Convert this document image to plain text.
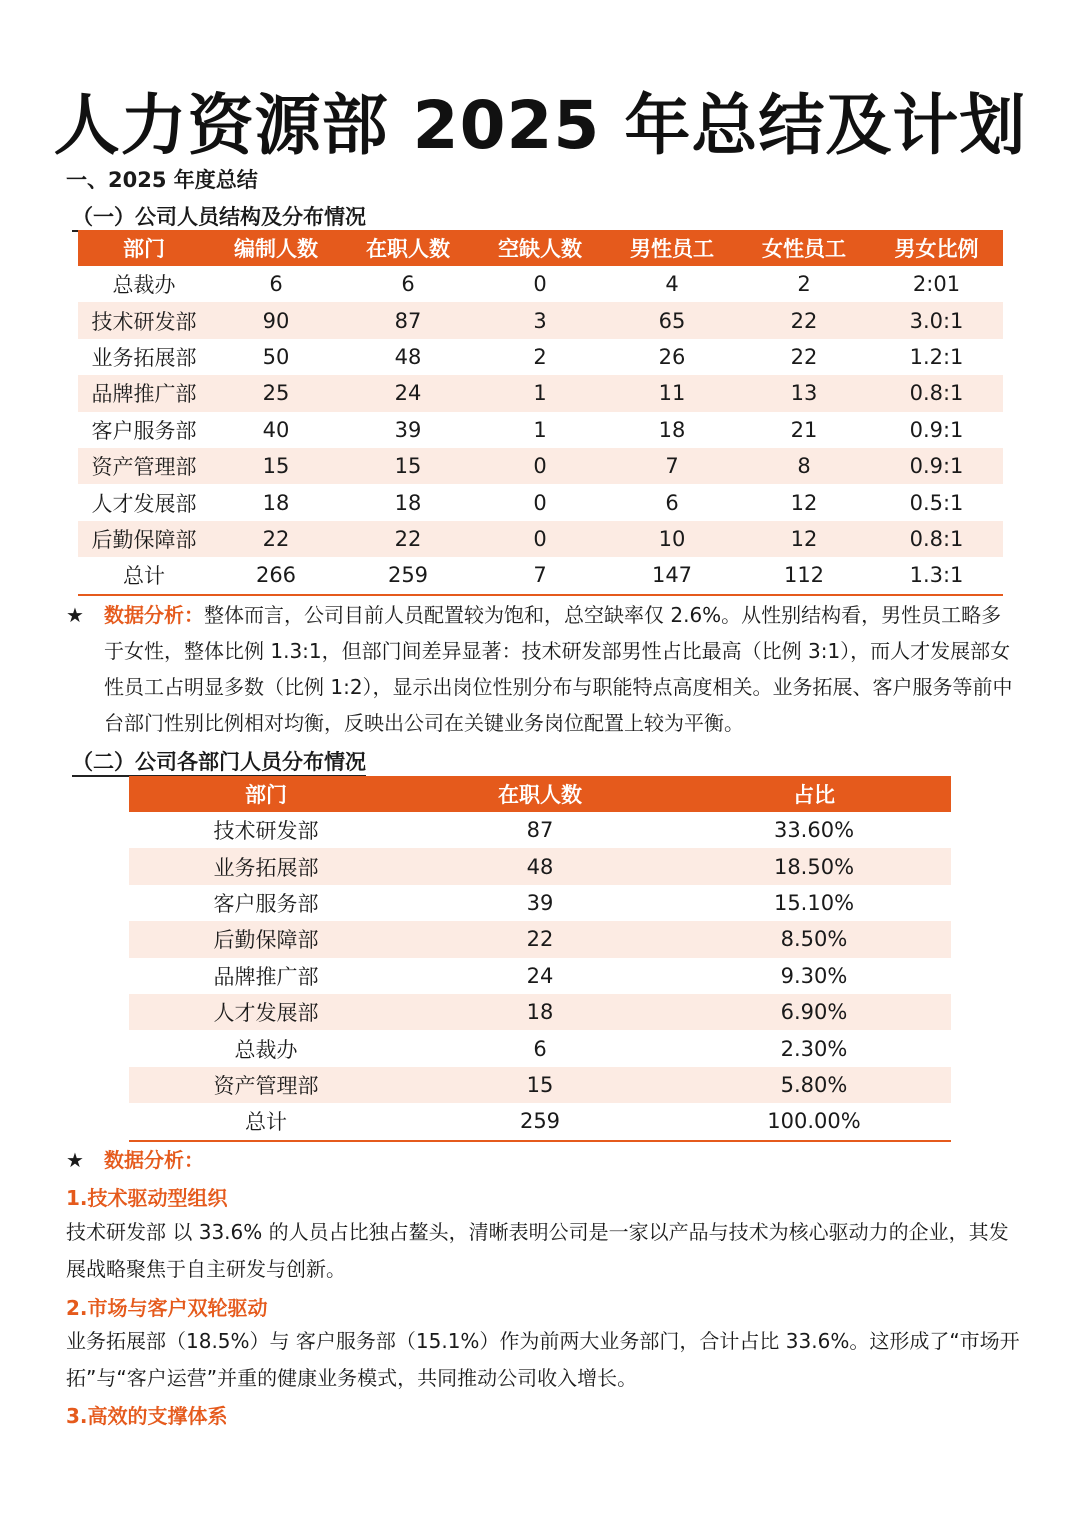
人力资源部 2025 年总结及计划
一、2025 年度总结
（一）公司人员结构及分布情况
部门	编制人数	在职人数	空缺人数	男性员工	女性员工	男女比例
总裁办	6	6	0	4	2	2:01
技术研发部	90	87	3	65	22	3.0:1
业务拓展部	50	48	2	26	22	1.2:1
品牌推广部	25	24	1	11	13	0.8:1
客户服务部	40	39	1	18	21	0.9:1
资产管理部	15	15	0	7	8	0.9:1
人才发展部	18	18	0	6	12	0.5:1
后勤保障部	22	22	0	10	12	0.8:1
总计	266	259	7	147	112	1.3:1
★ 数据分析：整体而言，公司目前人员配置较为饱和，总空缺率仅 2.6%。从性别结构看，男性员工略多于女性，整体比例 1.3:1，但部门间差异显著：技术研发部男性占比最高（比例 3:1），而人才发展部女性员工占明显多数（比例 1:2），显示出岗位性别分布与职能特点高度相关。业务拓展、客户服务等前中台部门性别比例相对均衡，反映出公司在关键业务岗位配置上较为平衡。
（二）公司各部门人员分布情况
部门	在职人数	占比
技术研发部	87	33.60%
业务拓展部	48	18.50%
客户服务部	39	15.10%
后勤保障部	22	8.50%
品牌推广部	24	9.30%
人才发展部	18	6.90%
总裁办	6	2.30%
资产管理部	15	5.80%
总计	259	100.00%
★ 数据分析：
1.技术驱动型组织
技术研发部 以 33.6% 的人员占比独占鳌头，清晰表明公司是一家以产品与技术为核心驱动力的企业，其发展战略聚焦于自主研发与创新。
2.市场与客户双轮驱动
业务拓展部（18.5%）与 客户服务部（15.1%）作为前两大业务部门，合计占比 33.6%。这形成了“市场开拓”与“客户运营”并重的健康业务模式，共同推动公司收入增长。
3.高效的支撑体系
